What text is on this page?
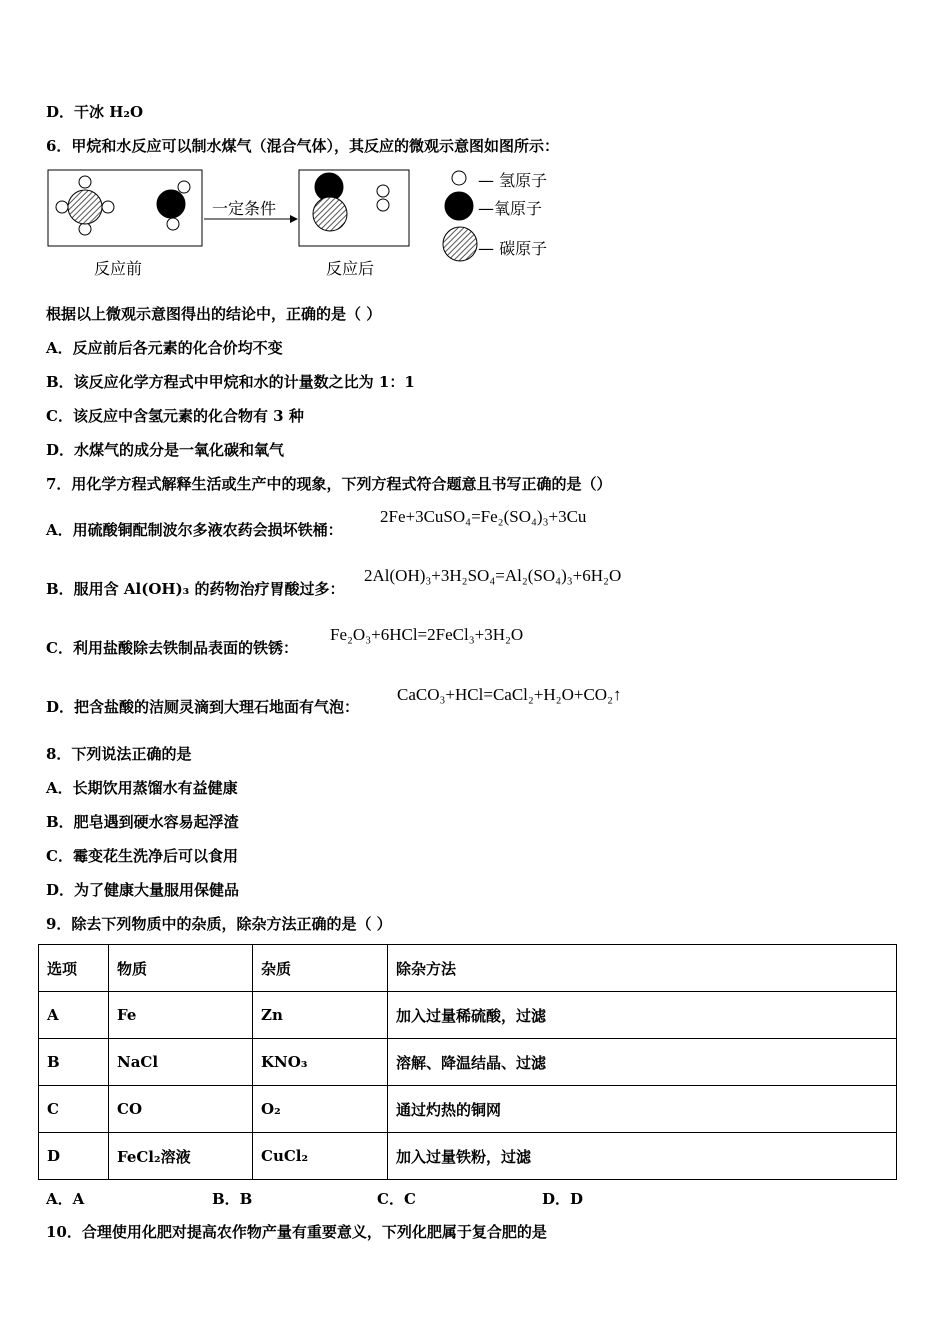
D．干冰 H₂O
6．甲烷和水反应可以制水煤气（混合气体），其反应的微观示意图如图所示：
一定条件
反应前	反应后
— 氢原子
—氧原子
— 碳原子
根据以上微观示意图得出的结论中，正确的是（ ）
A．反应前后各元素的化合价均不变
B．该反应化学方程式中甲烷和水的计量数之比为 1：1
C．该反应中含氢元素的化合物有 3 种
D．水煤气的成分是一氧化碳和氧气
7．用化学方程式解释生活或生产中的现象，下列方程式符合题意且书写正确的是（）
A．用硫酸铜配制波尔多液农药会损坏铁桶：
2Fe+3CuSO₄=Fe₂(SO₄)₃+3Cu
B．服用含 Al(OH)₃ 的药物治疗胃酸过多：
2Al(OH)₃+3H₂SO₄=Al₂(SO₄)₃+6H₂O
C．利用盐酸除去铁制品表面的铁锈：
Fe₂O₃+6HCl=2FeCl₃+3H₂O
D．把含盐酸的洁厕灵滴到大理石地面有气泡：
CaCO₃+HCl=CaCl₂+H₂O+CO₂↑
8．下列说法正确的是
A．长期饮用蒸馏水有益健康
B．肥皂遇到硬水容易起浮渣
C．霉变花生洗净后可以食用
D．为了健康大量服用保健品
9．除去下列物质中的杂质，除杂方法正确的是（ ）
选项	物质	杂质	除杂方法
A	Fe	Zn	加入过量稀硫酸，过滤
B	NaCl	KNO₃	溶解、降温结晶、过滤
C	CO	O₂	通过灼热的铜网
D	FeCl₂溶液	CuCl₂	加入过量铁粉，过滤
A．A	B．B	C．C	D．D
10．合理使用化肥对提高农作物产量有重要意义，下列化肥属于复合肥的是
